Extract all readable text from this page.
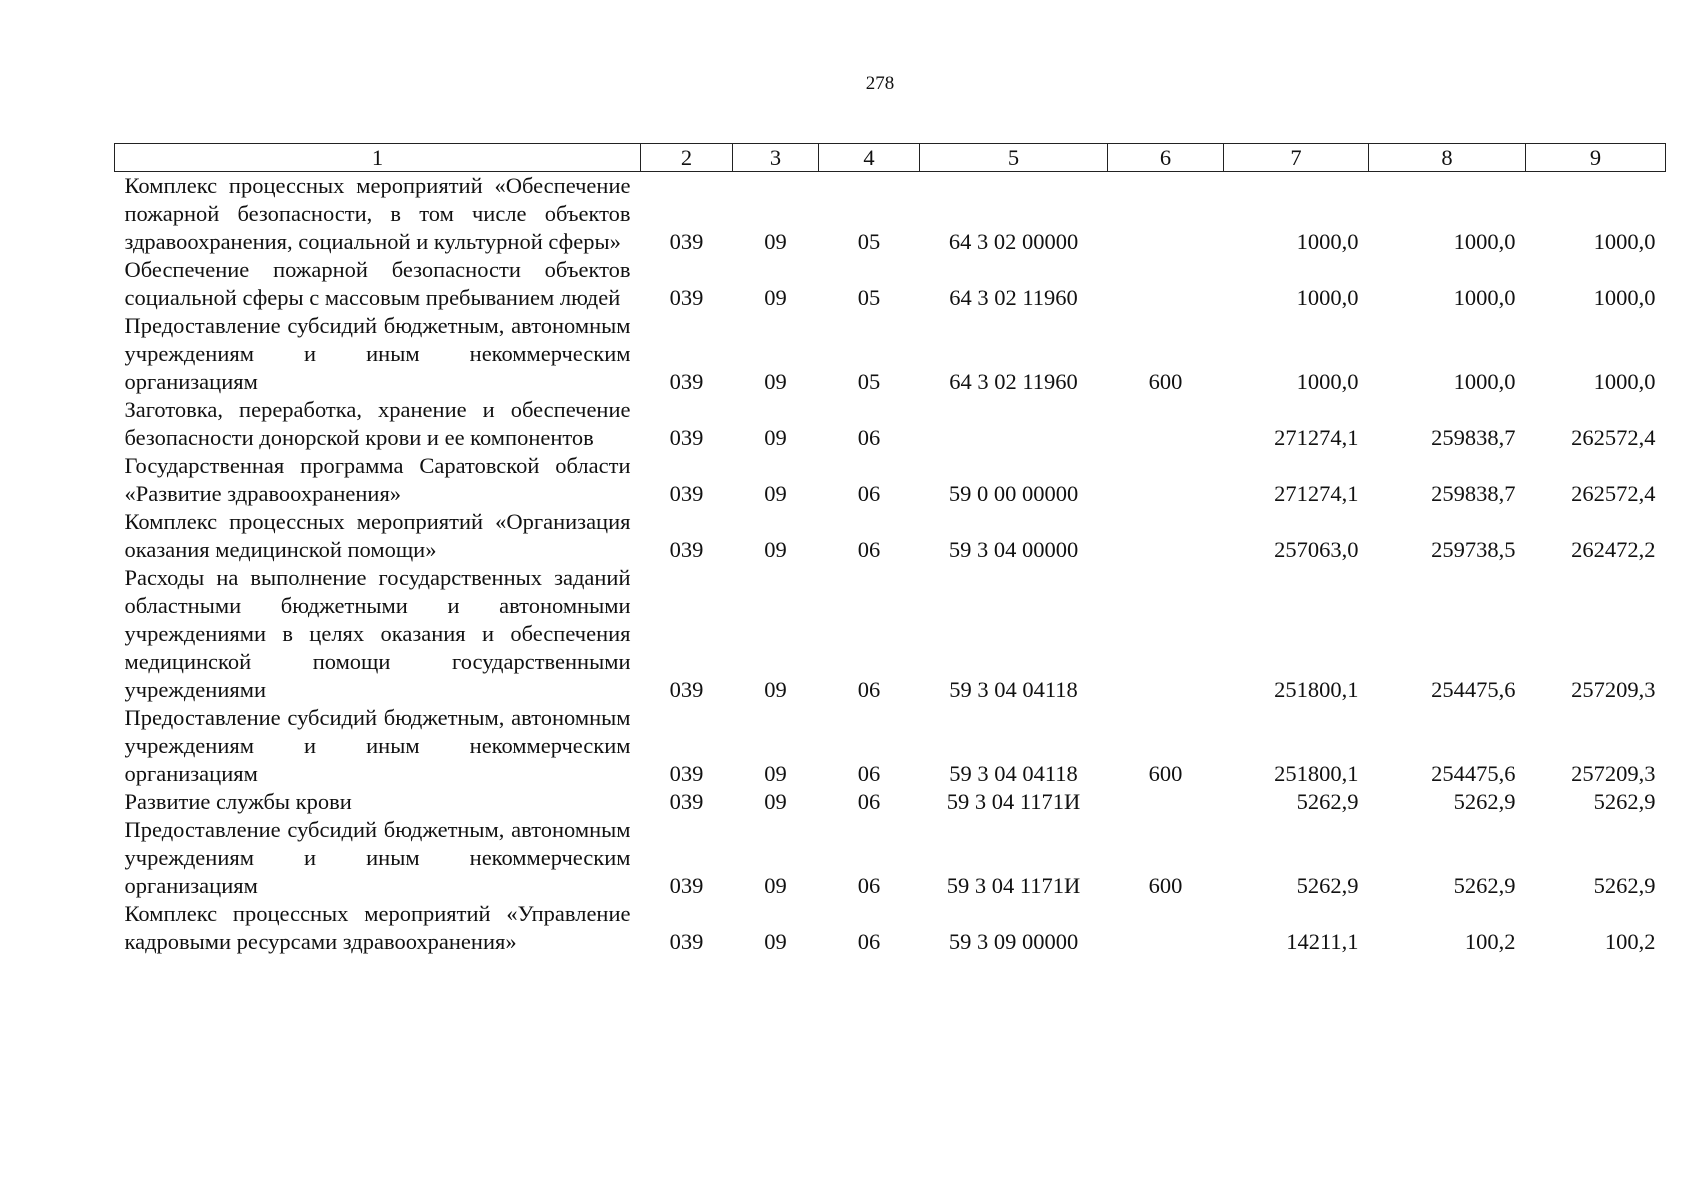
278
1	2	3	4	5	6	7	8	9
Комплекс процессных мероприятий «Обеспечение пожарной безопасности, в том числе объектов здравоохранения, социальной и культурной сферы»	039	09	05	64 3 02 00000		1000,0	1000,0	1000,0
Обеспечение пожарной безопасности объектов социальной сферы с массовым пребыванием людей	039	09	05	64 3 02 11960		1000,0	1000,0	1000,0
Предоставление субсидий бюджетным, автономным учреждениям и иным некоммерческим организациям	039	09	05	64 3 02 11960	600	1000,0	1000,0	1000,0
Заготовка, переработка, хранение и обеспечение безопасности донорской крови и ее компонентов	039	09	06			271274,1	259838,7	262572,4
Государственная программа Саратовской области «Развитие здравоохранения»	039	09	06	59 0 00 00000		271274,1	259838,7	262572,4
Комплекс процессных мероприятий «Организация оказания медицинской помощи»	039	09	06	59 3 04 00000		257063,0	259738,5	262472,2
Расходы на выполнение государственных заданий областными бюджетными и автономными учреждениями в целях оказания и обеспечения медицинской помощи государственными учреждениями	039	09	06	59 3 04 04118		251800,1	254475,6	257209,3
Предоставление субсидий бюджетным, автономным учреждениям и иным некоммерческим организациям	039	09	06	59 3 04 04118	600	251800,1	254475,6	257209,3
Развитие службы крови	039	09	06	59 3 04 1171И		5262,9	5262,9	5262,9
Предоставление субсидий бюджетным, автономным учреждениям и иным некоммерческим организациям	039	09	06	59 3 04 1171И	600	5262,9	5262,9	5262,9
Комплекс процессных мероприятий «Управление кадровыми ресурсами здравоохранения»	039	09	06	59 3 09 00000		14211,1	100,2	100,2
